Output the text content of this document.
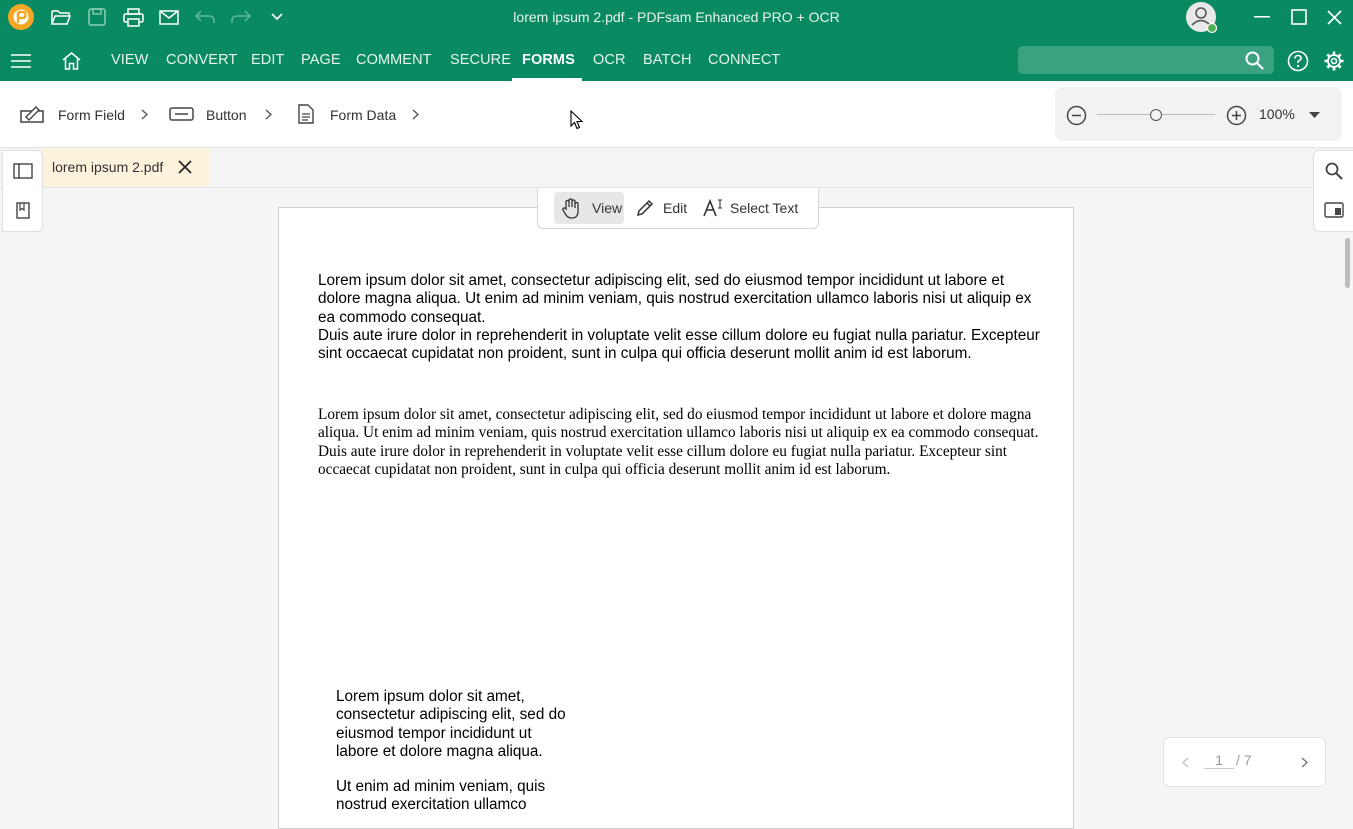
lorem ipsum 2.pdf - PDFsam Enhanced PRO + OCR
VIEW CONVERT EDIT PAGE COMMENT SECURE FORMS OCR BATCH CONNECT
Form Field	Button	Form Data	100%
lorem ipsum 2.pdf

Lorem ipsum dolor sit amet, consectetur adipiscing elit, sed do eiusmod tempor incididunt ut labore et dolore magna aliqua. Ut enim ad minim veniam, quis nostrud exercitation ullamco laboris nisi ut aliquip ex ea commodo consequat.

Duis aute irure dolor in reprehenderit in voluptate velit esse cillum dolore eu fugiat nulla pariatur. Excepteur sint occaecat cupidatat non proident, sunt in culpa qui officia deserunt mollit anim id est laborum.

Lorem ipsum dolor sit amet, consectetur adipiscing elit, sed do eiusmod tempor incididunt ut labore et dolore magna aliqua. Ut enim ad minim veniam, quis nostrud exercitation ullamco laboris nisi ut aliquip ex ea commodo consequat. Duis aute irure dolor in reprehenderit in voluptate velit esse cillum dolore eu fugiat nulla pariatur. Excepteur sint occaecat cupidatat non proident, sunt in culpa qui officia deserunt mollit anim id est laborum.

Lorem ipsum dolor sit amet, consectetur adipiscing elit, sed do eiusmod tempor incididunt ut labore et dolore magna aliqua.

Ut enim ad minim veniam, quis nostrud exercitation ullamco

View	Edit	Select Text
1 / 7
